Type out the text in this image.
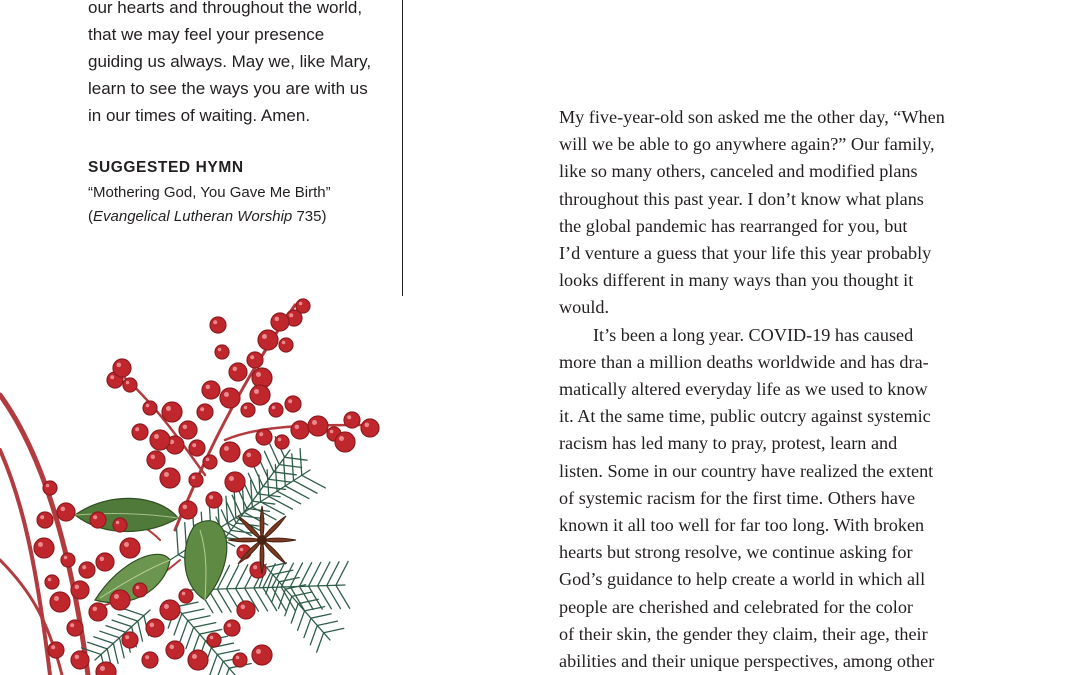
our hearts and throughout the world,
that we may feel your presence
guiding us always. May we, like Mary,
learn to see the ways you are with us
in our times of waiting. Amen.
SUGGESTED HYMN
“Mothering God, You Gave Me Birth”
(Evangelical Lutheran Worship 735)
My five-year-old son asked me the other day, “When
will we be able to go anywhere again?” Our family,
like so many others, canceled and modified plans
throughout this past year. I don’t know what plans
the global pandemic has rearranged for you, but
I’d venture a guess that your life this year probably
looks different in many ways than you thought it
would.
It’s been a long year. COVID-19 has caused
more than a million deaths worldwide and has dra-
matically altered everyday life as we used to know
it. At the same time, public outcry against systemic
racism has led many to pray, protest, learn and
listen. Some in our country have realized the extent
of systemic racism for the first time. Others have
known it all too well for far too long. With broken
hearts but strong resolve, we continue asking for
God’s guidance to help create a world in which all
people are cherished and celebrated for the color
of their skin, the gender they claim, their age, their
abilities and their unique perspectives, among other
